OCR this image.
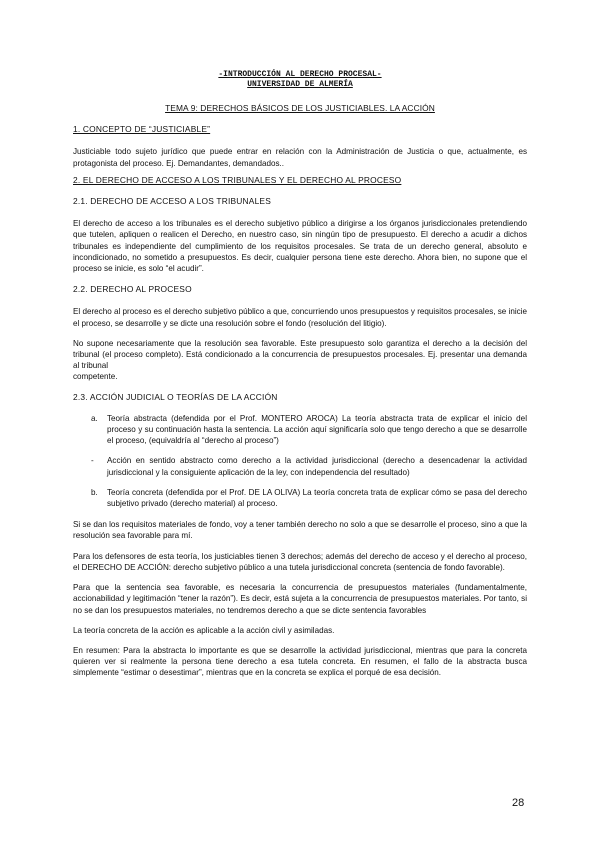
-INTRODUCCIÓN AL DERECHO PROCESAL-
UNIVERSIDAD DE ALMERÍA
TEMA 9: DERECHOS BÁSICOS DE LOS JUSTICIABLES. LA ACCIÓN
1. CONCEPTO DE “JUSTICIABLE”

Justiciable todo sujeto jurídico que puede entrar en relación con la Administración de Justicia o que, actualmente, es protagonista del proceso. Ej. Demandantes, demandados..

2. EL DERECHO DE ACCESO A LOS TRIBUNALES Y EL DERECHO AL PROCESO
2.1. DERECHO DE ACCESO A LOS TRIBUNALES

El derecho de acceso a los tribunales es el derecho subjetivo público a dirigirse a los órganos jurisdiccionales pretendiendo que tutelen, apliquen o realicen el Derecho, en nuestro caso, sin ningún tipo de presupuesto. El derecho a acudir a dichos tribunales es independiente del cumplimiento de los requisitos procesales. Se trata de un derecho general, absoluto e incondicionado, no sometido a presupuestos. Es decir, cualquier persona tiene este derecho. Ahora bien, no supone que el proceso se inicie, es solo “el acudir”.

2.2. DERECHO AL PROCESO

El derecho al proceso es el derecho subjetivo público a que, concurriendo unos presupuestos y requisitos procesales, se inicie el proceso, se desarrolle y se dicte una resolución sobre el fondo (resolución del litigio).

No supone necesariamente que la resolución sea favorable. Este presupuesto solo garantiza el derecho a la decisión del tribunal (el proceso completo). Está condicionado a la concurrencia de presupuestos procesales. Ej. presentar una demanda al tribunal

competente.

2.3. ACCIÓN JUDICIAL O TEORÍAS DE LA ACCIÓN
a. Teoría abstracta (defendida por el Prof. MONTERO AROCA) La teoría abstracta trata de explicar el inicio del proceso y su continuación hasta la sentencia. La acción aquí significaría solo que tengo derecho a que se desarrolle el proceso, (equivaldría al “derecho al proceso”)

- Acción en sentido abstracto como derecho a la actividad jurisdiccional (derecho a desencadenar la actividad jurisdiccional y la consiguiente aplicación de la ley, con independencia del resultado)

b. Teoría concreta (defendida por el Prof. DE LA OLIVA) La teoría concreta trata de explicar cómo se pasa del derecho subjetivo privado (derecho material) al proceso.

Si se dan los requisitos materiales de fondo, voy a tener también derecho no solo a que se desarrolle el proceso, sino a que la resolución sea favorable para mí.

Para los defensores de esta teoría, los justiciables tienen 3 derechos; además del derecho de acceso y el derecho al proceso, el DERECHO DE ACCIÓN: derecho subjetivo público a una tutela jurisdiccional concreta (sentencia de fondo favorable).

Para que la sentencia sea favorable, es necesaria la concurrencia de presupuestos materiales (fundamentalmente, accionabilidad y legitimación “tener la razón”). Es decir, está sujeta a la concurrencia de presupuestos materiales. Por tanto, si no se dan los presupuestos materiales, no tendremos derecho a que se dicte sentencia favorables

La teoría concreta de la acción es aplicable a la acción civil y asimiladas.

En resumen: Para la abstracta lo importante es que se desarrolle la actividad jurisdiccional, mientras que para la concreta quieren ver si realmente la persona tiene derecho a esa tutela concreta. En resumen, el fallo de la abstracta busca simplemente “estimar o desestimar”, mientras que en la concreta se explica el porqué de esa decisión.

28
